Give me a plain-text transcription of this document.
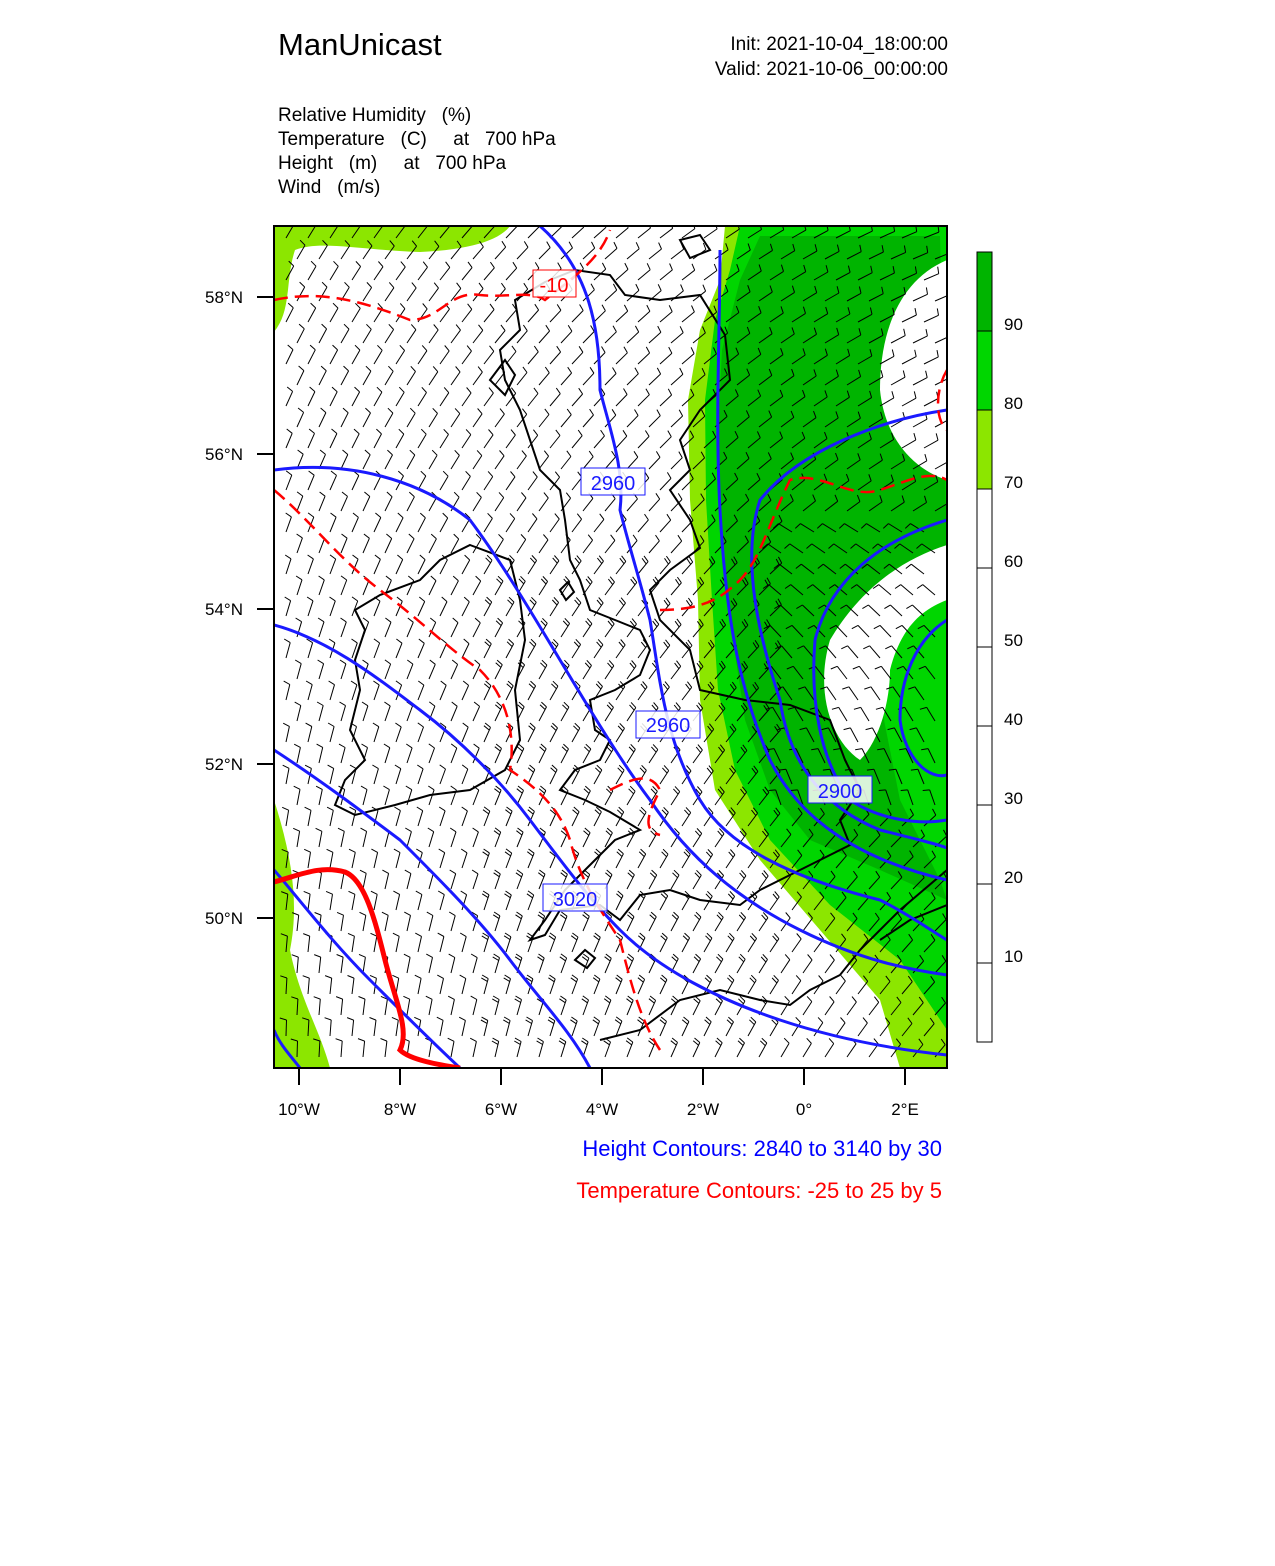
ManUnicast	Init: 2021-10-04_18:00:00
Valid: 2021-10-06_00:00:00
Relative Humidity   (%)
Temperature   (C)     at   700 hPa
Height   (m)     at   700 hPa
Wind   (m/s)
58°N
56°N
54°N
52°N
50°N
10°W	8°W	6°W	4°W	2°W	0°	2°E
2960
2960
2900
3020
-10
90
80
70
60
50
40
30
20
10
Height Contours: 2840 to 3140 by 30
Temperature Contours: -25 to 25 by 5
